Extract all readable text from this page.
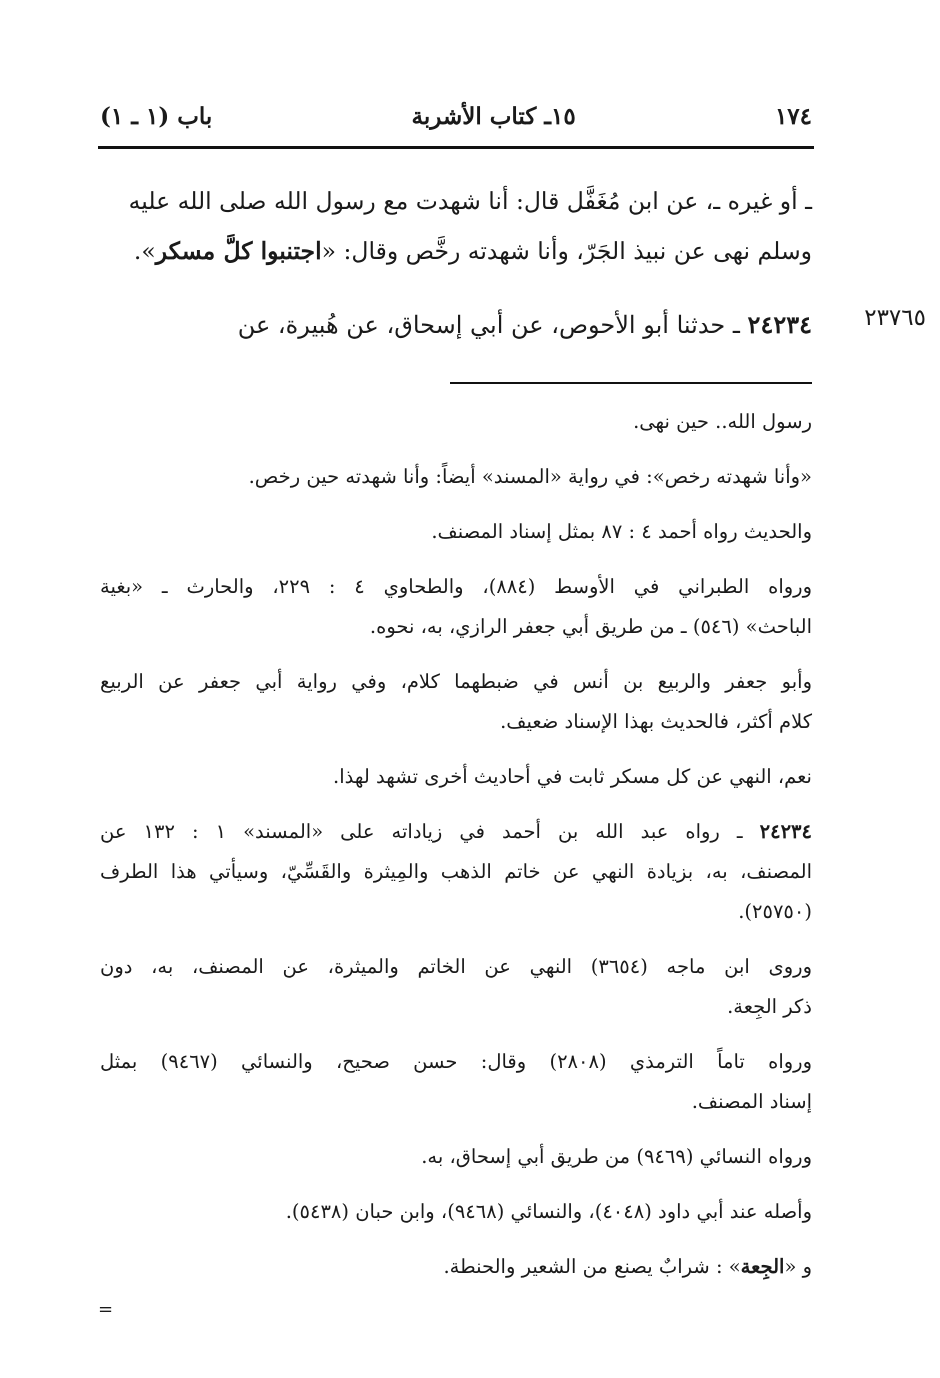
باب (١ ـ ١)	١٥ـ كتاب الأشربة	١٧٤

ـ أو غيره ـ، عن ابن مُغَفَّل قال: أنا شهدت مع رسول الله صلى الله عليه

وسلم نهى عن نبيذ الجَرّ، وأنا شهدته رخَّص وقال: «اجتنبوا كلَّ مسكر».

٢٤٢٣٤ ـ حدثنا أبو الأحوص، عن أبي إسحاق، عن هُبيرة، عن	٢٣٧٦٥
رسول الله.. حين نهى.
«وأنا شهدته رخص»: في رواية «المسند» أيضاً: وأنا شهدته حين رخص.
والحديث رواه أحمد ٤ : ٨٧ بمثل إسناد المصنف.
ورواه الطبراني في الأوسط (٨٨٤)، والطحاوي ٤ : ٢٢٩، والحارث ـ «بغية
الباحث» (٥٤٦) ـ من طريق أبي جعفر الرازي، به، نحوه.
وأبو جعفر والربيع بن أنس في ضبطهما كلام، وفي رواية أبي جعفر عن الربيع
كلام أكثر، فالحديث بهذا الإسناد ضعيف.
نعم، النهي عن كل مسكر ثابت في أحاديث أخرى تشهد لهذا.
٢٤٢٣٤ ـ رواه عبد الله بن أحمد في زياداته على «المسند» ١ : ١٣٢ عن
المصنف، به، بزيادة النهي عن خاتم الذهب والمِيثرة والقَسِّيّ، وسيأتي هذا الطرف
(٢٥٧٥٠).
وروى ابن ماجه (٣٦٥٤) النهي عن الخاتم والميثرة، عن المصنف، به، دون
ذكر الجِعة.
ورواه تاماً الترمذي (٢٨٠٨) وقال: حسن صحيح، والنسائي (٩٤٦٧) بمثل
إسناد المصنف.
ورواه النسائي (٩٤٦٩) من طريق أبي إسحاق، به.
وأصله عند أبي داود (٤٠٤٨)، والنسائي (٩٤٦٨)، وابن حبان (٥٤٣٨).
و «الجِعة» : شرابٌ يصنع من الشعير والحنطة.
=
